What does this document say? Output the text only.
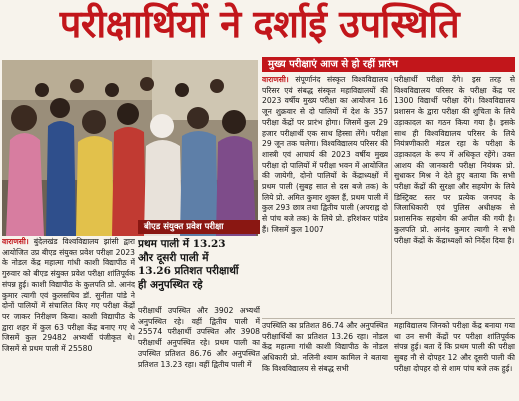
परीक्षार्थियों ने दर्शाई उपस्थिति
मुख्य परीक्षाएं आज से हो रहीं प्रारंभ
वाराणसी। संपूर्णानंद संस्कृत विश्वविद्यालय परिसर एवं संबद्ध संस्कृत महाविद्यालयों की 2023 वर्षीय मुख्य परीक्षा का आयोजन 16 जून शुक्रवार से दो पालियों में देश के 357 परीक्षा केंद्रों पर प्रारंभ होगा। जिसमें कुल 29 हजार परीक्षार्थी एक साथ हिस्सा लेंगे। परीक्षा 29 जून तक चलेगा। विश्वविद्यालय परिसर की शास्त्री एवं आचार्य की 2023 वर्षीय मुख्य परीक्षा दो पालियों में परीक्षा भवन में आयोजित की जायेगी, दोनो पालियों के केंद्राध्यक्षों में प्रथम पाली (सुबह सात से दस बजे तक) के लिये प्रो. अमित कुमार शुक्ल हैं, प्रथम पाली में कुल 293 छात्र तथा द्वितीय पाली (अपराह्न दो से पांच बजे तक) के लिये प्रो. हरिशंकर पांडेय हैं। जिसमें कुल 1007
परीक्षार्थी परीक्षा देंगे। इस तरह से विश्वविद्यालय परिसर के परीक्षा केंद्र पर 1300 विद्यार्थी परीक्षा देंगे। विश्वविद्यालय प्रशासन के द्वारा परीक्षा की शुचिता के लिये उड़ाकादल का गठन किया गया है। इसके साथ ही विश्वविद्यालय परिसर के लिये नियंत्रणीकारी मंडल रहा के परीक्षा के उड़ाकादल के रूप में अधिकृत रहेंगे। उक्त आशय की जानकारी परीक्षा नियंत्रक प्रो. सुधाकर मिश्र ने देते हुए बताया कि सभी परीक्षा केंद्रों की सुरक्षा और सहयोग के लिये डिस्ट्रिक्ट स्तर पर प्रत्येक जनपद के जिलाधिकारी एवं पुलिस अधीक्षक से प्रशासनिक सहयोग की अपील की गयी है। कुलपति प्रो. आनंद कुमार त्यागी ने सभी परीक्षा केंद्रों के केंद्राध्यक्षों को निर्देश दिया है।
वाराणसी। बुंदेलखंड विश्वविद्यालय झांसी द्वारा आयोजित उप्र बीएड संयुक्त प्रवेश परीक्षा 2023 के नोडल केंद्र महात्मा गांधी काशी विद्यापीठ में गुरुवार को बीएड संयुक्त प्रवेश परीक्षा शांतिपूर्वक संपन्न हुई। काशी विद्यापीठ के कुलपति प्रो. आनंद कुमार त्यागी एवं कुलसचिव डॉ. सुनीता पांडे ने दोनों पालियों में संचालित किए गए परीक्षा केंद्रों पर जाकर निरीक्षण किया। काशी विद्यापीठ के द्वारा शहर में कुल 63 परीक्षा केंद्र बनाए गए थे जिसमें कुल 29482 अभ्यर्थी पंजीकृत थे। जिसमें से प्रथम पाली में 25580
बीएड संयुक्त प्रवेश परीक्षा
प्रथम पाली में 13.23
और दूसरी पाली में
13.26 प्रतिशत परीक्षार्थी
ही अनुपस्थित रहे
परीक्षार्थी उपस्थित और 3902 अभ्यर्थी अनुपस्थित रहे। वहीं द्वितीय पाली में 25574 परीक्षार्थी उपस्थित और 3908 परीक्षार्थी अनुपस्थित रहे। प्रथम पाली का उपस्थित प्रतिशत 86.76 और अनुपस्थित प्रतिशत 13.23 रहा। वहीं द्वितीय पाली में
उपस्थिति का प्रतिशत 86.74 और अनुपस्थित परीक्षार्थियों का प्रतिशत 13.26 रहा। नोडल केंद्र महात्मा गांधी काशी विद्यापीठ के नोडल अधिकारी प्रो. नलिनी श्याम कामिल ने बताया कि विश्वविद्यालय से संबद्ध सभी
महाविद्यालय जिनको परीक्षा केंद्र बनाया गया था उन सभी केंद्रों पर परीक्षा शांतिपूर्वक संपन्न हुई। बता दें कि प्रथम पाली की परीक्षा सुबह नौ से दोपहर 12 और दूसरी पाली की परीक्षा दोपहर दो से शाम पांच बजे तक हुई।
